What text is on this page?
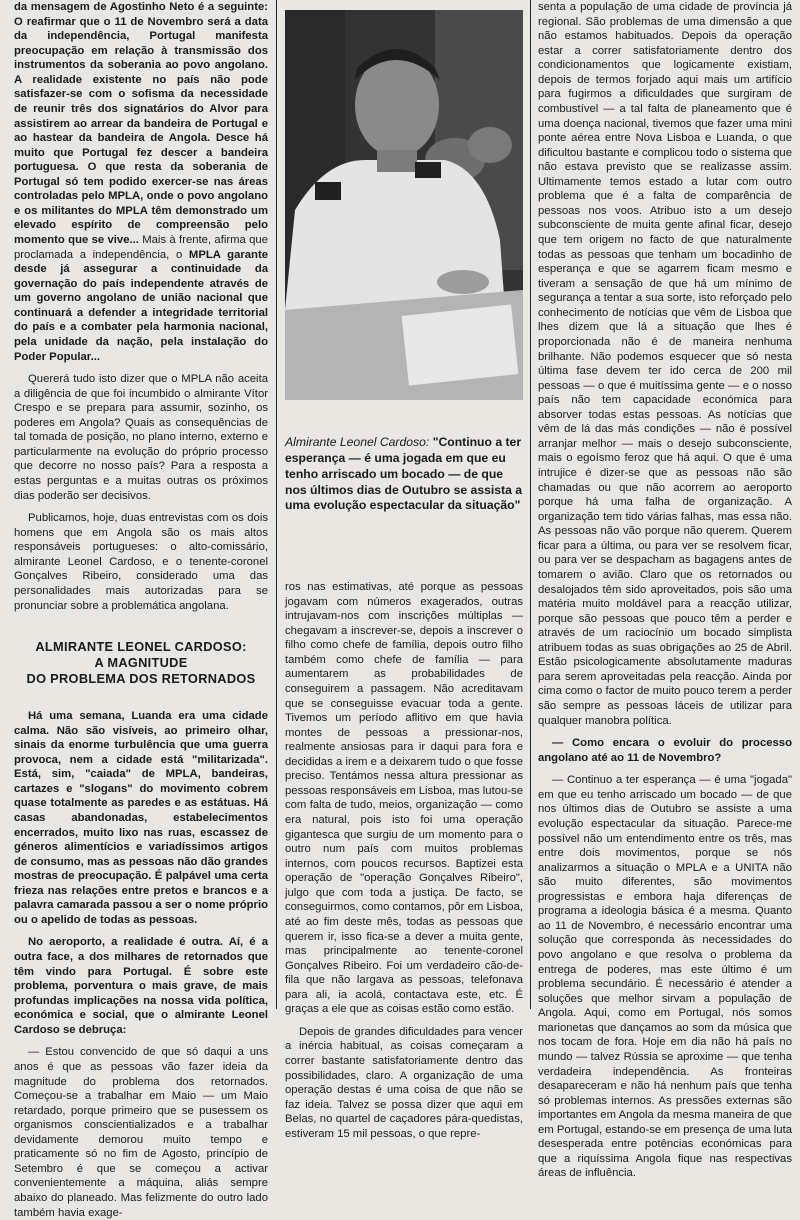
da mensagem de Agostinho Neto é a seguinte: O reafirmar que o 11 de Novembro será a data da independência, Portugal manifesta preocupação em relação à transmissão dos instrumentos da soberania ao povo angolano. A realidade existente no país não pode satisfazer-se com o sofisma da necessidade de reunir três dos signatários do Alvor para assistirem ao arrear da bandeira de Portugal e ao hastear da bandeira de Angola. Desce há muito que Portugal fez descer a bandeira portuguesa. O que resta da soberania de Portugal só tem podido exercer-se nas áreas controladas pelo MPLA, onde o povo angolano e os militantes do MPLA têm demonstrado um elevado espírito de compreensão pelo momento que se vive... Mais à frente, afirma que proclamada a independência, o MPLA garante desde já assegurar a continuidade da governação do país independente através de um governo angolano de união nacional que continuará a defender a integridade territorial do país e a combater pela harmonia nacional, pela unidade da nação, pela instalação do Poder Popular...

Quererá tudo isto dizer que o MPLA não aceita a diligência de que foi incumbido o almirante Vítor Crespo e se prepara para assumir, sozinho, os poderes em Angola? Quais as consequências de tal tomada de posição, no plano interno, externo e particularmente na evolução do próprio processo que decorre no nosso país? Para a resposta a estas perguntas e a muitas outras os próximos dias poderão ser decisivos.

Publicamos, hoje, duas entrevistas com os dois homens que em Angola são os mais altos responsáveis portugueses: o alto-comissário, almirante Leonel Cardoso, e o tenente-coronel Gonçalves Ribeiro, considerado uma das personalidades mais autorizadas para se pronunciar sobre a problemática angolana.

ALMIRANTE LEONEL CARDOSO:
A MAGNITUDE
DO PROBLEMA DOS RETORNADOS

Há uma semana, Luanda era uma cidade calma. Não são visíveis, ao primeiro olhar, sinais da enorme turbulência que uma guerra provoca, nem a cidade está "militarizada". Está, sim, "caiada" de MPLA, bandeiras, cartazes e "slogans" do movimento cobrem quase totalmente as paredes e as estátuas. Há casas abandonadas, estabelecimentos encerrados, muito lixo nas ruas, escassez de géneros alimentícios e variadíssimos artigos de consumo, mas as pessoas não dão grandes mostras de preocupação. É palpável uma certa frieza nas relações entre pretos e brancos e a palavra camarada passou a ser o nome próprio ou o apelido de todas as pessoas.

No aeroporto, a realidade é outra. Aí, é a outra face, a dos milhares de retornados que têm vindo para Portugal. É sobre este problema, porventura o mais grave, de mais profundas implicações na nossa vida política, económica e social, que o almirante Leonel Cardoso se debruça:

— Estou convencido de que só daqui a uns anos é que as pessoas vão fazer ideia da magnitude do problema dos retornados. Começou-se a trabalhar em Maio — um Maio retardado, porque primeiro que se pusessem os organismos conscientializados e a trabalhar devidamente demorou muito tempo e praticamente só no fim de Agosto, princípio de Setembro é que se começou a activar convenientemente a máquina, aliás sempre abaixo do planeado. Mas felizmente do outro lado também havia exage-

Almirante Leonel Cardoso: "Continuo a ter esperança — é uma jogada em que eu tenho arriscado um bocado — de que nos últimos dias de Outubro se assista a uma evolução espectacular da situação"

ros nas estimativas, até porque as pessoas jogavam com números exagerados, outras intrujavam-nos com inscrições múltiplas — chegavam a inscrever-se, depois a inscrever o filho como chefe de família, depois outro filho também como chefe de família — para aumentarem as probabilidades de conseguirem a passagem. Não acreditavam que se conseguisse evacuar toda a gente. Tivemos um período aflitivo em que havia montes de pessoas a pressionar-nos, realmente ansiosas para ir daqui para fora e decididas a irem e a deixarem tudo o que fosse preciso. Tentámos nessa altura pressionar as pessoas responsáveis em Lisboa, mas lutou-se com falta de tudo, meios, organização — como era natural, pois isto foi uma operação gigantesca que surgiu de um momento para o outro num país com muitos problemas internos, com poucos recursos. Baptizei esta operação de "operação Gonçalves Ribeiro", julgo que com toda a justiça. De facto, se conseguirmos, como contamos, pôr em Lisboa, até ao fim deste mês, todas as pessoas que querem ir, isso fica-se a dever a muita gente, mas principalmente ao tenente-coronel Gonçalves Ribeiro. Foi um verdadeiro cão-de-fila que não largava as pessoas, telefonava para ali, ia acolá, contactava este, etc. É graças a ele que as coisas estão como estão.

Depois de grandes dificuldades para vencer a inércia habitual, as coisas começaram a correr bastante satisfatoriamente dentro das possibilidades, claro. A organização de uma operação destas é uma coisa de que não se faz ideia. Talvez se possa dizer que aqui em Belas, no quartel de caçadores pára-quedistas, estiveram 15 mil pessoas, o que repre-

senta a população de uma cidade de província já regional. São problemas de uma dimensão a que não estamos habituados. Depois da operação estar a correr satisfatoriamente dentro dos condicionamentos que logicamente existiam, depois de termos forjado aqui mais um artifício para fugirmos a dificuldades que surgiram de combustível — a tal falta de planeamento que é uma doença nacional, tivemos que fazer uma mini ponte aérea entre Nova Lisboa e Luanda, o que dificultou bastante e complicou todo o sistema que não estava previsto que se realizasse assim. Ultimamente temos estado a lutar com outro problema que é a falta de comparência de pessoas nos voos. Atribuo isto a um desejo subconsciente de muita gente afinal ficar, desejo que tem origem no facto de que naturalmente todas as pessoas que tenham um bocadinho de esperança e que se agarrem ficam mesmo e tiveram a sensação de que há um mínimo de segurança a tentar a sua sorte, isto reforçado pelo conhecimento de notícias que vêm de Lisboa que lhes dizem que lá a situação que lhes é proporcionada não é de maneira nenhuma brilhante. Não podemos esquecer que só nesta última fase devem ter ido cerca de 200 mil pessoas — o que é muitíssima gente — e o nosso país não tem capacidade económica para absorver todas estas pessoas. As notícias que vêm de lá das más condições — não é possível arranjar melhor — mais o desejo subconsciente, mais o egoísmo feroz que há aqui. O que é uma intrujice é dizer-se que as pessoas não são chamadas ou que não acorrem ao aeroporto porque há uma falha de organização. A organização tem tido várias falhas, mas essa não. As pessoas não vão porque não querem. Querem ficar para a última, ou para ver se resolvem ficar, ou para ver se despacham as bagagens antes de tomarem o avião. Claro que os retornados ou desalojados têm sido aproveitados, pois são uma matéria muito moldável para a reacção utilizar, porque são pessoas que pouco têm a perder e através de um raciocínio um bocado simplista atribuem todas as suas obrigações ao 25 de Abril. Estão psicologicamente absolutamente maduras para serem aproveitadas pela reacção. Ainda por cima como o factor de muito pouco terem a perder são sempre as pessoas láceis de utilizar para qualquer manobra política.

— Como encara o evoluir do processo angolano até ao 11 de Novembro?

— Continuo a ter esperança — é uma "jogada" em que eu tenho arriscado um bocado — de que nos últimos dias de Outubro se assiste a uma evolução espectacular da situação. Parece-me possível não um entendimento entre os três, mas entre dois movimentos, porque se nós analizarmos a situação o MPLA e a UNITA não são muito diferentes, são movimentos progressistas e embora haja diferenças de programa a ideologia básica é a mesma. Quanto ao 11 de Novembro, é necessário encontrar uma solução que corresponda às necessidades do povo angolano e que resolva o problema da entrega de poderes, mas este último é um problema secundário. É necessário é atender a soluções que melhor sirvam a população de Angola. Aqui, como em Portugal, nós somos marionetas que dançamos ao som da música que nos tocam de fora. Hoje em dia não há país no mundo — talvez Rússia se aproxime — que tenha verdadeira independência. As fronteiras desapareceram e não há nenhum país que tenha só problemas internos. As pressões externas são importantes em Angola da mesma maneira de que em Portugal, estando-se em presença de uma luta desesperada entre potências económicas para que a riquíssima Angola fique nas respectivas áreas de influência.
